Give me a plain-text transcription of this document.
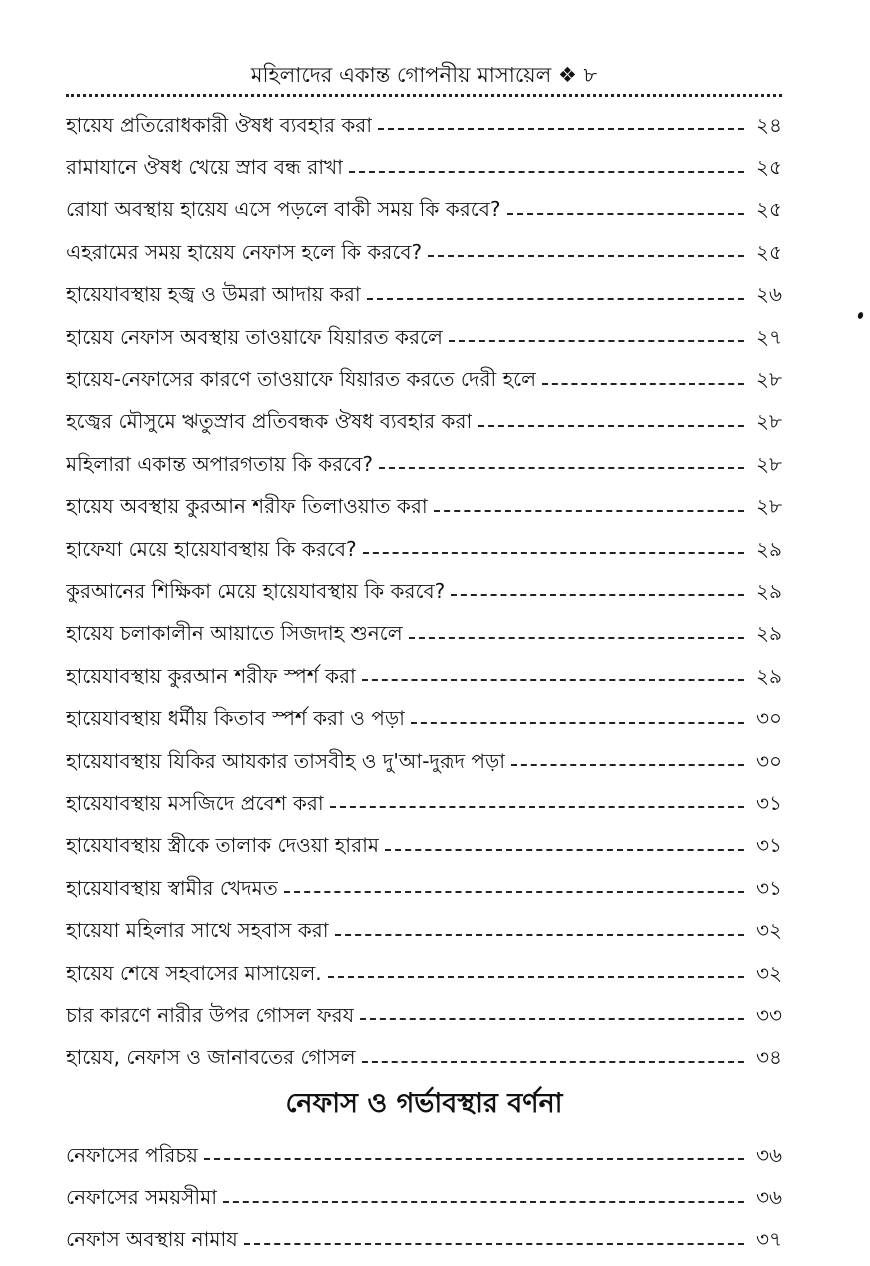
মহিলাদের একান্ত গোপনীয় মাসায়েল ❖ ৮
হায়েয প্রতিরোধকারী ঔষধ ব্যবহার করা	২৪
রামাযানে ঔষধ খেয়ে স্রাব বন্ধ রাখা	২৫
রোযা অবস্থায় হায়েয এসে পড়লে বাকী সময় কি করবে?	২৫
এহরামের সময় হায়েয নেফাস হলে কি করবে?	২৫
হায়েযাবস্থায় হজ্ব ও উমরা আদায় করা	২৬
হায়েয নেফাস অবস্থায় তাওয়াফে যিয়ারত করলে	২৭
হায়েয-নেফাসের কারণে তাওয়াফে যিয়ারত করতে দেরী হলে	২৮
হজ্বের মৌসুমে ঋতুস্রাব প্রতিবন্ধক ঔষধ ব্যবহার করা	২৮
মহিলারা একান্ত অপারগতায় কি করবে?	২৮
হায়েয অবস্থায় কুরআন শরীফ তিলাওয়াত করা	২৮
হাফেযা মেয়ে হায়েযাবস্থায় কি করবে?	২৯
কুরআনের শিক্ষিকা মেয়ে হায়েযাবস্থায় কি করবে?	২৯
হায়েয চলাকালীন আয়াতে সিজদাহ শুনলে	২৯
হায়েযাবস্থায় কুরআন শরীফ স্পর্শ করা	২৯
হায়েযাবস্থায় ধর্মীয় কিতাব স্পর্শ করা ও পড়া	৩০
হায়েযাবস্থায় যিকির আযকার তাসবীহ ও দু'আ-দুরূদ পড়া	৩০
হায়েযাবস্থায় মসজিদে প্রবেশ করা	৩১
হায়েযাবস্থায় স্ত্রীকে তালাক দেওয়া হারাম	৩১
হায়েযাবস্থায় স্বামীর খেদমত	৩১
হায়েযা মহিলার সাথে সহবাস করা	৩২
হায়েয শেষে সহবাসের মাসায়েল.	৩২
চার কারণে নারীর উপর গোসল ফরয	৩৩
হায়েয, নেফাস ও জানাবতের গোসল	৩৪
নেফাস ও গর্ভাবস্থার বর্ণনা
নেফাসের পরিচয়	৩৬
নেফাসের সময়সীমা	৩৬
নেফাস অবস্থায় নামায	৩৭
